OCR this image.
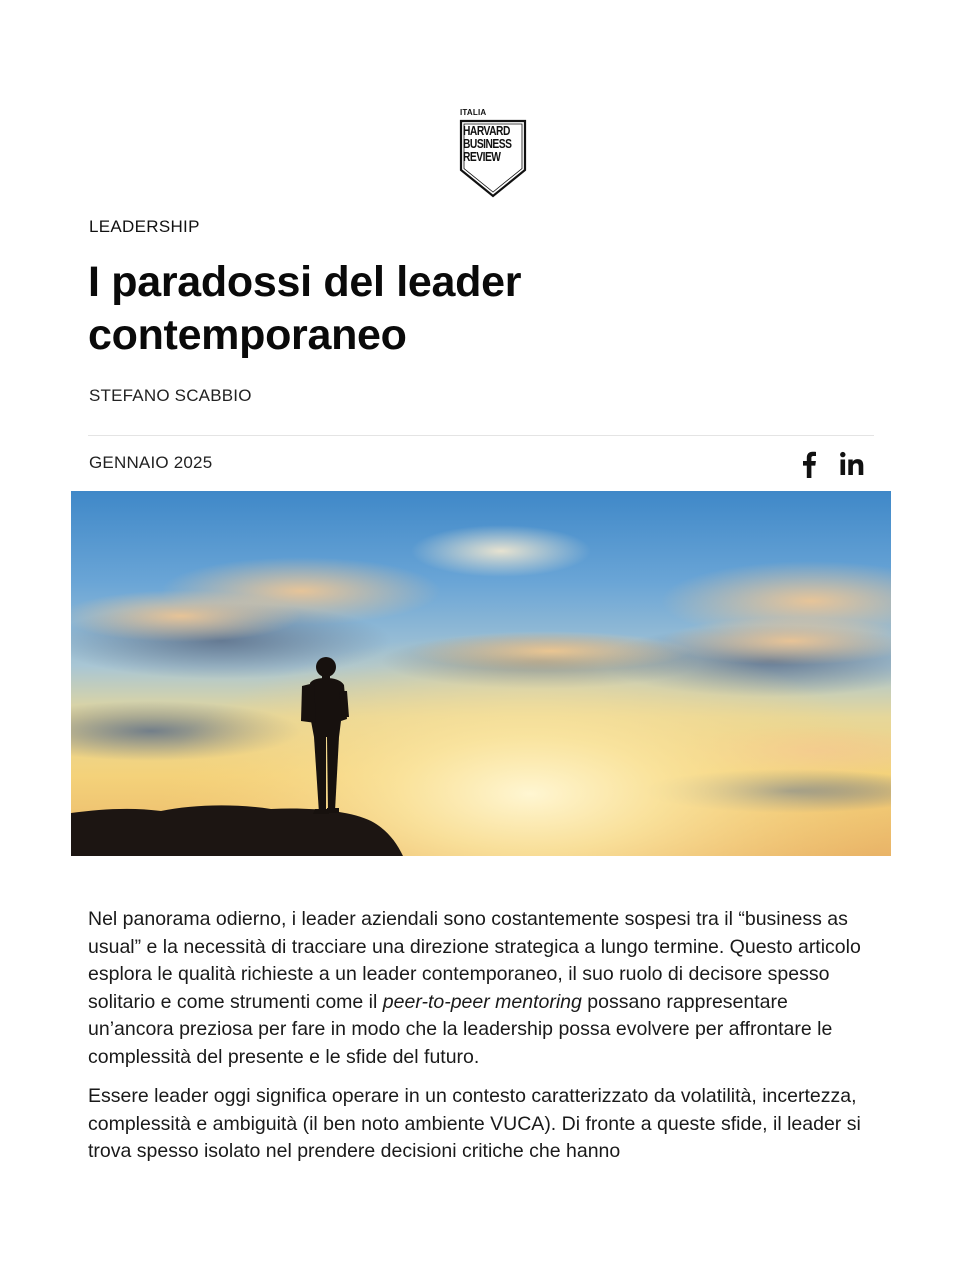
ITALIA
HARVARD
BUSINESS
REVIEW
LEADERSHIP
I paradossi del leader contemporaneo
STEFANO SCABBIO
GENNAIO 2025

Nel panorama odierno, i leader aziendali sono costantemente sospesi tra il “business as usual” e la necessità di tracciare una direzione strategica a lungo termine. Questo articolo esplora le qualità richieste a un leader contemporaneo, il suo ruolo di decisore spesso solitario e come strumenti come il peer-to-peer mentoring possano rappresentare un’ancora preziosa per fare in modo che la leadership possa evolvere per affrontare le complessità del presente e le sfide del futuro.

Essere leader oggi significa operare in un contesto caratterizzato da volatilità, incertezza, complessità e ambiguità (il ben noto ambiente VUCA). Di fronte a queste sfide, il leader si trova spesso isolato nel prendere decisioni critiche che hanno
